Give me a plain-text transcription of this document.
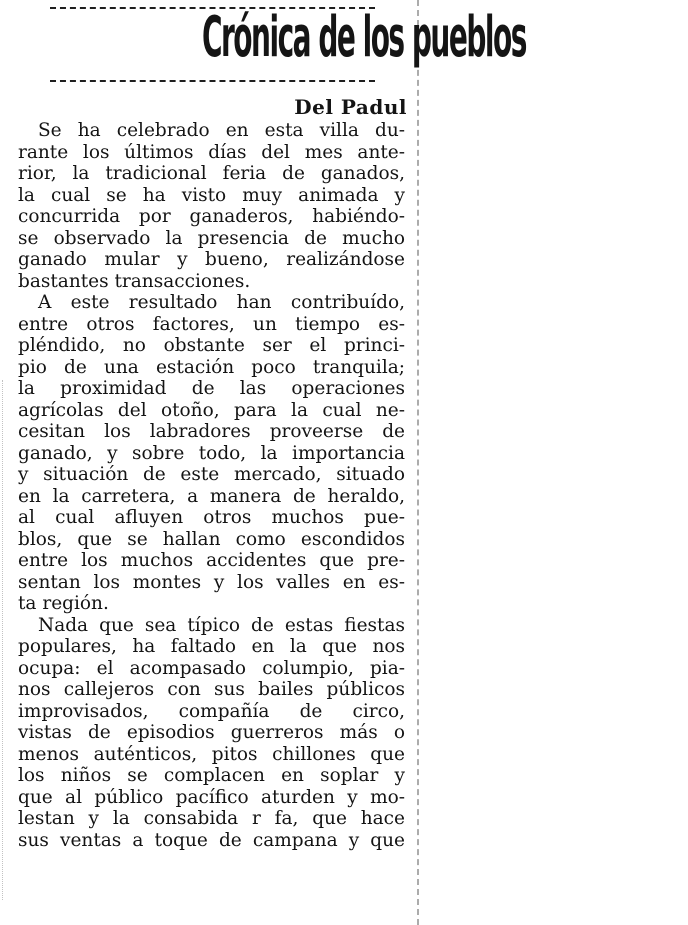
Crónica de los pueblos
Del Padul
Se ha celebrado en esta villa du-
rante los últimos días del mes ante-
rior, la tradicional feria de ganados,
la cual se ha visto muy animada y
concurrida por ganaderos, habiéndo-
se observado la presencia de mucho
ganado mular y bueno, realizándose
bastantes transacciones.
A este resultado han contribuído,
entre otros factores, un tiempo es-
pléndido, no obstante ser el princi-
pio de una estación poco tranquila;
la proximidad de las operaciones
agrícolas del otoño, para la cual ne-
cesitan los labradores proveerse de
ganado, y sobre todo, la importancia
y situación de este mercado, situado
en la carretera, a manera de heraldo,
al cual afluyen otros muchos pue-
blos, que se hallan como escondidos
entre los muchos accidentes que pre-
sentan los montes y los valles en es-
ta región.
Nada que sea típico de estas fiestas
populares, ha faltado en la que nos
ocupa: el acompasado columpio, pia-
nos callejeros con sus bailes públicos
improvisados, compañía de circo,
vistas de episodios guerreros más o
menos auténticos, pitos chillones que
los niños se complacen en soplar y
que al público pacífico aturden y mo-
lestan y la consabida r fa, que hace
sus ventas a toque de campana y que
